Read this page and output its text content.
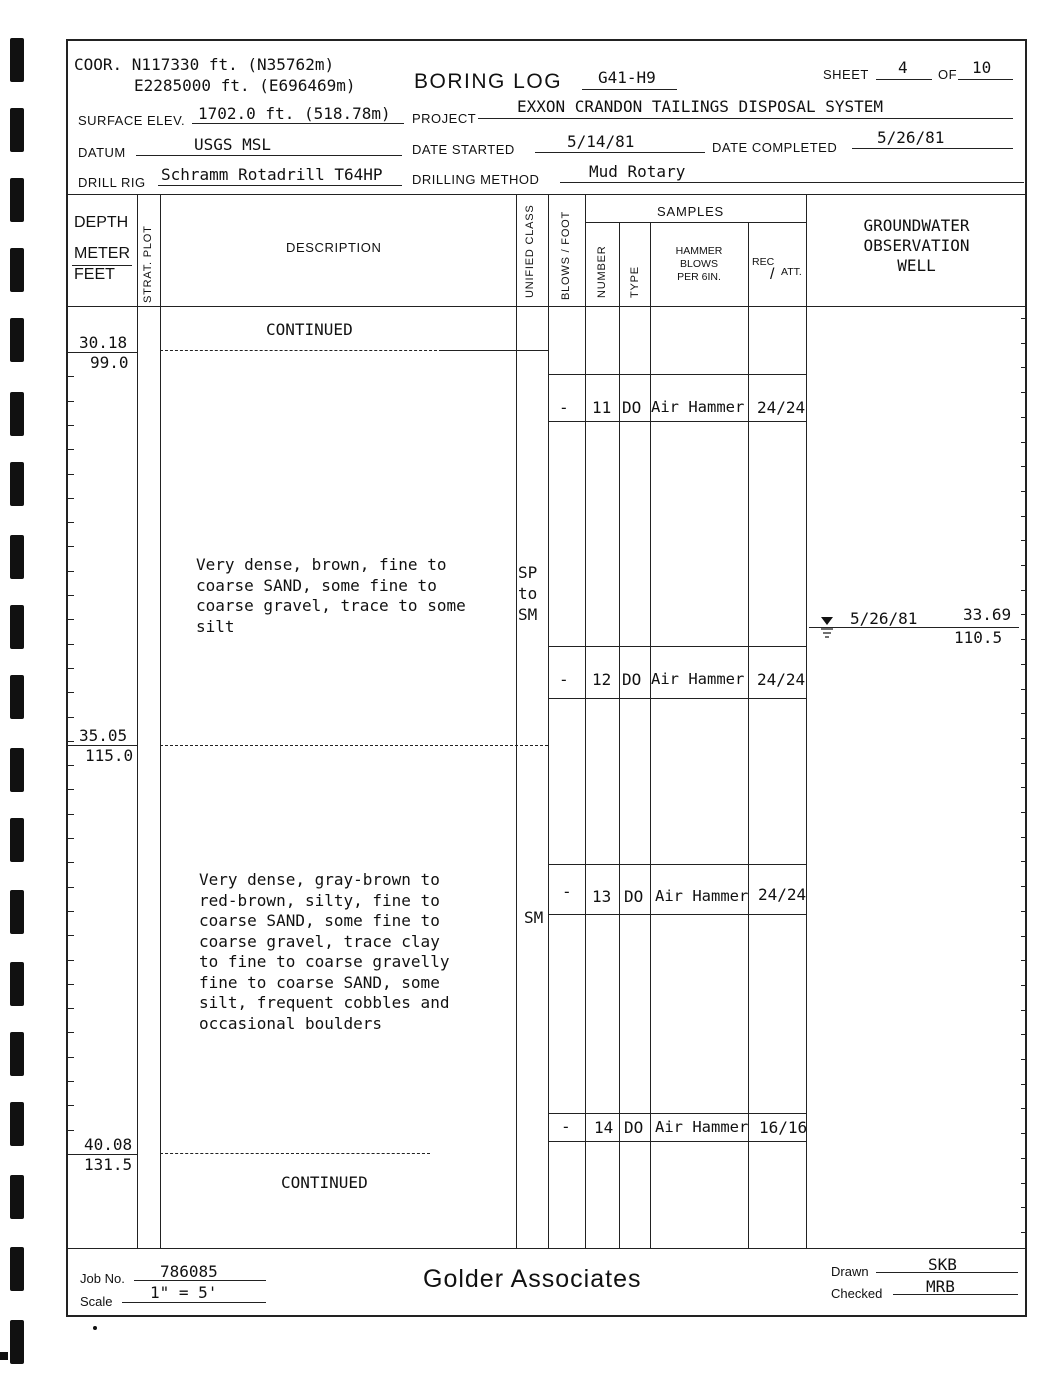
COOR. N117330 ft. (N35762m)
E2285000 ft. (E696469m)	BORING LOG G41-H9	SHEET 4 OF 10
SURFACE ELEV. 1702.0 ft. (518.78m) PROJECT
EXXON CRANDON TAILINGS DISPOSAL SYSTEM
DATUM	USGS MSL	DATE STARTED	5/14/81	DATE COMPLETED
5/26/81
DRILL RIG Schramm Rotadrill T64HP DRILLING METHOD	Mud Rotary
DEPTH
METER
FEET STRAT. PLOT	DESCRIPTION	UNIFIED CLASS BLOWS / FOOT	SAMPLES
NUMBER TYPE
HAMMER
BLOWS
PER 6IN.
REC
/ ATT.
GROUNDWATER
OBSERVATION
WELL
30.18
99.0
35.05
115.0
40.08
131.5
CONTINUED
CONTINUED
Very dense, brown, fine to
coarse SAND, some fine to
coarse gravel, trace to some
silt
SP
to
SM
Very dense, gray-brown to
red-brown, silty, fine to
coarse SAND, some fine to
coarse gravel, trace clay
to fine to coarse gravelly
fine to coarse SAND, some
silt, frequent cobbles and
occasional boulders
SM
- 11 DO Air Hammer 24/24
- 12 DO Air Hammer 24/24
- 13 DO Air Hammer 24/24
- 14 DO Air Hammer 16/16
5/26/81	33.69
110.5
Job No. 786085
Scale 1" = 5'	Golder Associates	Drawn	SKB
Checked	MRB
